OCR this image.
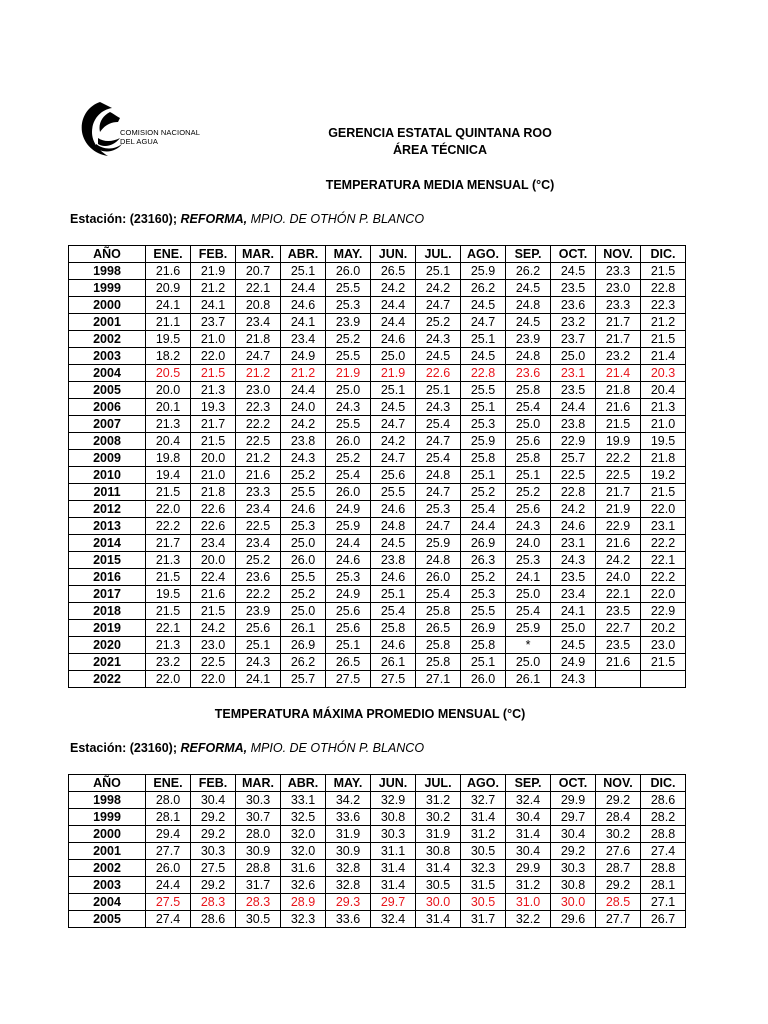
COMISION NACIONAL
DEL AGUA
GERENCIA ESTATAL QUINTANA ROO
ÁREA TÉCNICA
TEMPERATURA MEDIA MENSUAL (°C)
Estación: (23160); REFORMA, MPIO. DE OTHÓN P. BLANCO
AÑO	ENE.	FEB.	MAR.	ABR.	MAY.	JUN.	JUL.	AGO.	SEP.	OCT.	NOV.	DIC.
1998	21.6	21.9	20.7	25.1	26.0	26.5	25.1	25.9	26.2	24.5	23.3	21.5
1999	20.9	21.2	22.1	24.4	25.5	24.2	24.2	26.2	24.5	23.5	23.0	22.8
2000	24.1	24.1	20.8	24.6	25.3	24.4	24.7	24.5	24.8	23.6	23.3	22.3
2001	21.1	23.7	23.4	24.1	23.9	24.4	25.2	24.7	24.5	23.2	21.7	21.2
2002	19.5	21.0	21.8	23.4	25.2	24.6	24.3	25.1	23.9	23.7	21.7	21.5
2003	18.2	22.0	24.7	24.9	25.5	25.0	24.5	24.5	24.8	25.0	23.2	21.4
2004	20.5	21.5	21.2	21.2	21.9	21.9	22.6	22.8	23.6	23.1	21.4	20.3
2005	20.0	21.3	23.0	24.4	25.0	25.1	25.1	25.5	25.8	23.5	21.8	20.4
2006	20.1	19.3	22.3	24.0	24.3	24.5	24.3	25.1	25.4	24.4	21.6	21.3
2007	21.3	21.7	22.2	24.2	25.5	24.7	25.4	25.3	25.0	23.8	21.5	21.0
2008	20.4	21.5	22.5	23.8	26.0	24.2	24.7	25.9	25.6	22.9	19.9	19.5
2009	19.8	20.0	21.2	24.3	25.2	24.7	25.4	25.8	25.8	25.7	22.2	21.8
2010	19.4	21.0	21.6	25.2	25.4	25.6	24.8	25.1	25.1	22.5	22.5	19.2
2011	21.5	21.8	23.3	25.5	26.0	25.5	24.7	25.2	25.2	22.8	21.7	21.5
2012	22.0	22.6	23.4	24.6	24.9	24.6	25.3	25.4	25.6	24.2	21.9	22.0
2013	22.2	22.6	22.5	25.3	25.9	24.8	24.7	24.4	24.3	24.6	22.9	23.1
2014	21.7	23.4	23.4	25.0	24.4	24.5	25.9	26.9	24.0	23.1	21.6	22.2
2015	21.3	20.0	25.2	26.0	24.6	23.8	24.8	26.3	25.3	24.3	24.2	22.1
2016	21.5	22.4	23.6	25.5	25.3	24.6	26.0	25.2	24.1	23.5	24.0	22.2
2017	19.5	21.6	22.2	25.2	24.9	25.1	25.4	25.3	25.0	23.4	22.1	22.0
2018	21.5	21.5	23.9	25.0	25.6	25.4	25.8	25.5	25.4	24.1	23.5	22.9
2019	22.1	24.2	25.6	26.1	25.6	25.8	26.5	26.9	25.9	25.0	22.7	20.2
2020	21.3	23.0	25.1	26.9	25.1	24.6	25.8	25.8	*	24.5	23.5	23.0
2021	23.2	22.5	24.3	26.2	26.5	26.1	25.8	25.1	25.0	24.9	21.6	21.5
2022	22.0	22.0	24.1	25.7	27.5	27.5	27.1	26.0	26.1	24.3		
TEMPERATURA MÁXIMA PROMEDIO MENSUAL (°C)
Estación: (23160); REFORMA, MPIO. DE OTHÓN P. BLANCO
AÑO	ENE.	FEB.	MAR.	ABR.	MAY.	JUN.	JUL.	AGO.	SEP.	OCT.	NOV.	DIC.
1998	28.0	30.4	30.3	33.1	34.2	32.9	31.2	32.7	32.4	29.9	29.2	28.6
1999	28.1	29.2	30.7	32.5	33.6	30.8	30.2	31.4	30.4	29.7	28.4	28.2
2000	29.4	29.2	28.0	32.0	31.9	30.3	31.9	31.2	31.4	30.4	30.2	28.8
2001	27.7	30.3	30.9	32.0	30.9	31.1	30.8	30.5	30.4	29.2	27.6	27.4
2002	26.0	27.5	28.8	31.6	32.8	31.4	31.4	32.3	29.9	30.3	28.7	28.8
2003	24.4	29.2	31.7	32.6	32.8	31.4	30.5	31.5	31.2	30.8	29.2	28.1
2004	27.5	28.3	28.3	28.9	29.3	29.7	30.0	30.5	31.0	30.0	28.5	27.1
2005	27.4	28.6	30.5	32.3	33.6	32.4	31.4	31.7	32.2	29.6	27.7	26.7
